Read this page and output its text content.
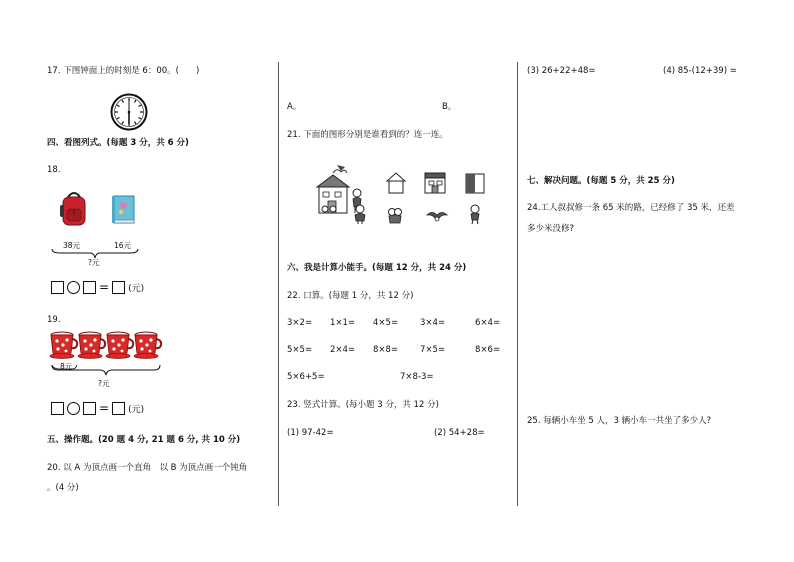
17. 下图钟面上的时刻是 6：00。(　　)
四、看图列式。(每题 3 分，共 6 分)
18.
38元	16元
?元
= (元)
19.
8元
?元
= (元)
五、操作题。(20 题 4 分, 21 题 6 分, 共 10 分)
20. 以 A 为顶点画一个直角　以 B 为顶点画一个钝角
。(4 分)
A。	B。
21. 下面的图形分别是谁看到的？连一连。
六、我是计算小能手。(每题 12 分，共 24 分)
22. 口算。(每题 1 分，共 12 分)
3×2= 1×1= 4×5=	3×4=	6×4=
5×5= 2×4= 8×8=	7×5=	8×6=
5×6+5=	7×8-3=
23. 竖式计算。(每小题 3 分，共 12 分)
(1) 97-42=	(2) 54+28=
(3) 26+22+48=	(4) 85-(12+39) =
七、解决问题。(每题 5 分，共 25 分)
24.工人叔叔修一条 65 米的路，已经修了 35 米，还差
多少米没修?
25. 每辆小车坐 5 人，3 辆小车一共坐了多少人?
